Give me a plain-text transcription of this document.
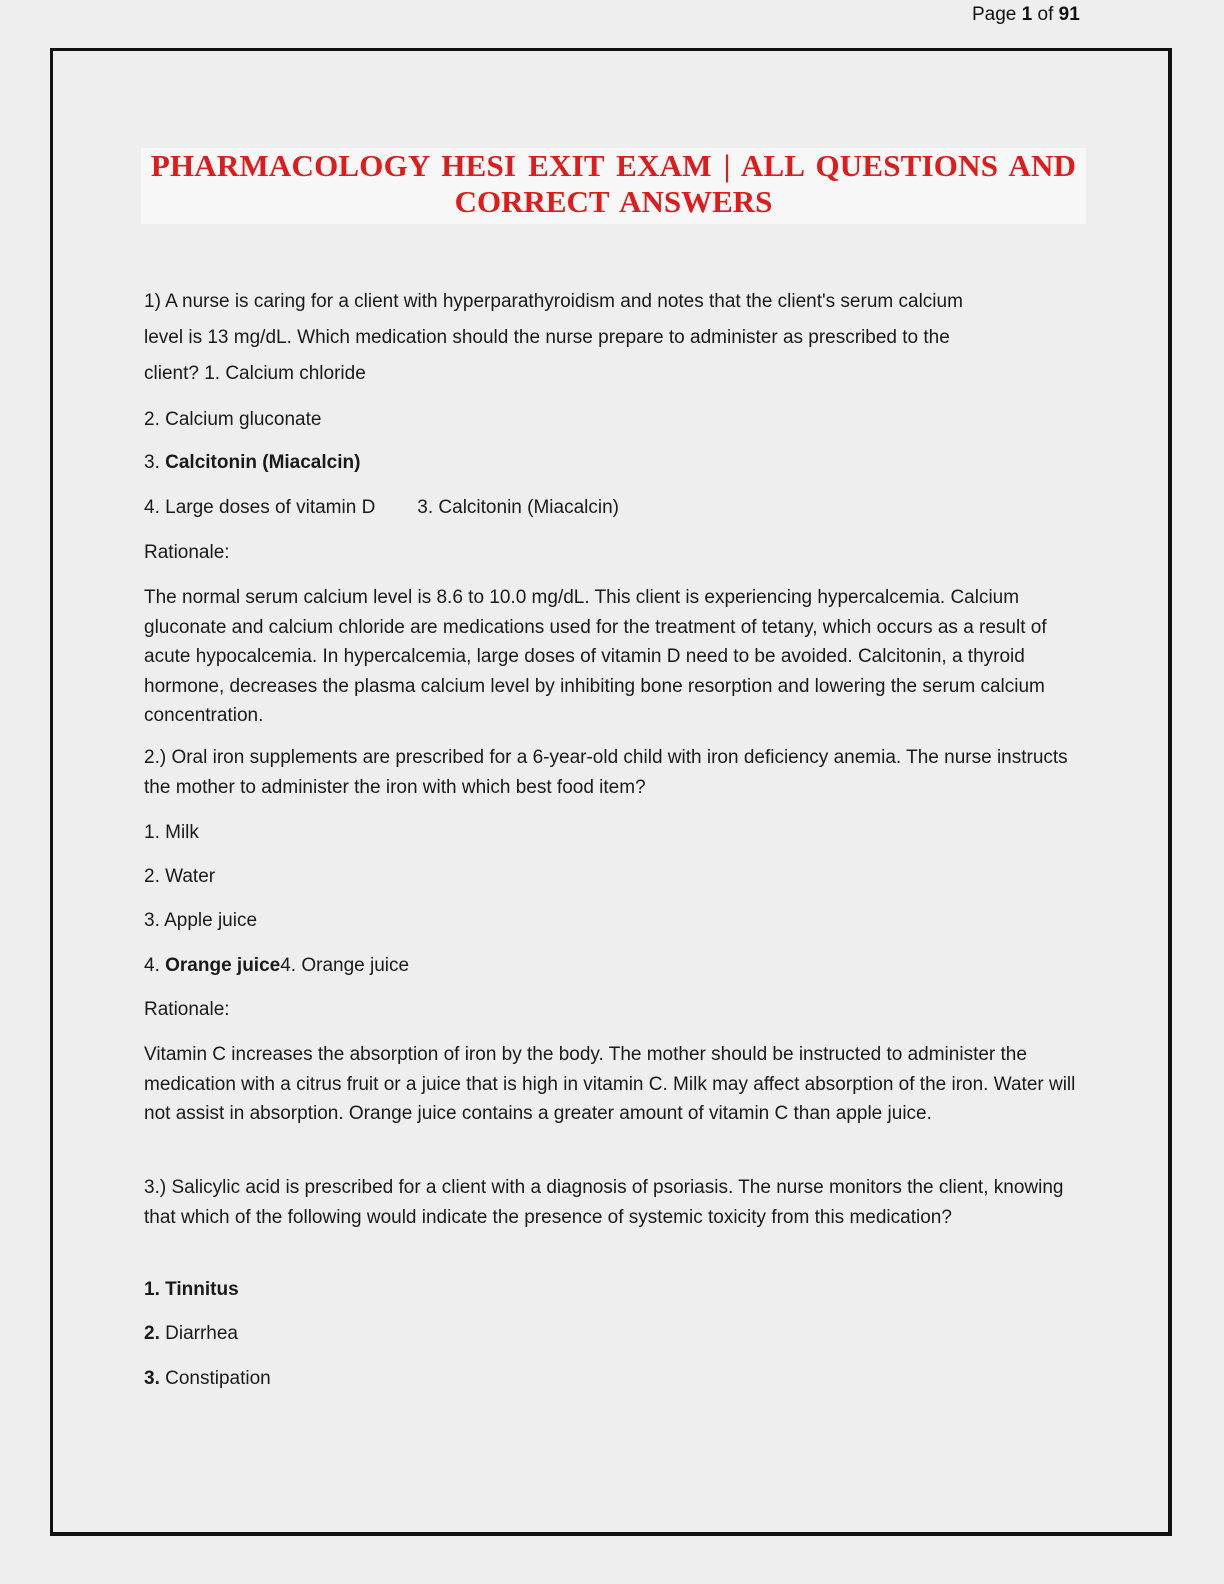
Page 1 of 91
PHARMACOLOGY HESI EXIT EXAM | ALL QUESTIONS AND
CORRECT ANSWERS
1) A nurse is caring for a client with hyperparathyroidism and notes that the client's serum calcium
level is 13 mg/dL. Which medication should the nurse prepare to administer as prescribed to the
client? 1. Calcium chloride
2. Calcium gluconate
3. Calcitonin (Miacalcin)
4. Large doses of vitamin D 3. Calcitonin (Miacalcin)
Rationale:
The normal serum calcium level is 8.6 to 10.0 mg/dL. This client is experiencing hypercalcemia. Calcium gluconate and calcium chloride are medications used for the treatment of tetany, which occurs as a result of acute hypocalcemia. In hypercalcemia, large doses of vitamin D need to be avoided. Calcitonin, a thyroid hormone, decreases the plasma calcium level by inhibiting bone resorption and lowering the serum calcium concentration.
2.) Oral iron supplements are prescribed for a 6-year-old child with iron deficiency anemia. The nurse instructs the mother to administer the iron with which best food item?
1. Milk
2. Water
3. Apple juice
4. Orange juice4. Orange juice
Rationale:
Vitamin C increases the absorption of iron by the body. The mother should be instructed to administer the medication with a citrus fruit or a juice that is high in vitamin C. Milk may affect absorption of the iron. Water will not assist in absorption. Orange juice contains a greater amount of vitamin C than apple juice.
3.) Salicylic acid is prescribed for a client with a diagnosis of psoriasis. The nurse monitors the client, knowing that which of the following would indicate the presence of systemic toxicity from this medication?
1. Tinnitus
2. Diarrhea
3. Constipation
